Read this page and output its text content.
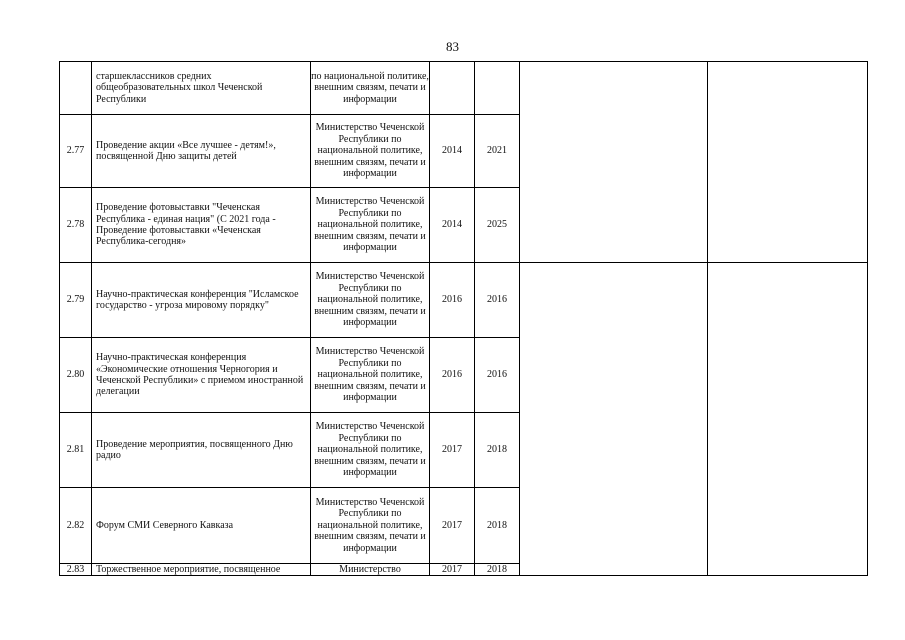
83
	старшеклассников средних общеобразовательных школ Чеченской Республики	по национальной политике, внешним связям, печати и информации				
2.77	Проведение акции «Все лучшее - детям!», посвященной Дню защиты детей	Министерство Чеченской Республики по национальной политике, внешним связям, печати и информации	2014	2021		
2.78	Проведение фотовыставки "Чеченская Республика - единая нация" (С 2021 года - Проведение фотовыставки «Чеченская Республика-сегодня»	Министерство Чеченской Республики по национальной политике, внешним связям, печати и информации	2014	2025		
2.79	Научно-практическая конференция "Исламское государство - угроза мировому порядку"	Министерство Чеченской Республики по национальной политике, внешним связям, печати и информации	2016	2016		
2.80	Научно-практическая конференция «Экономические отношения Черногория и Чеченской Республики» с приемом иностранной делегации	Министерство Чеченской Республики по национальной политике, внешним связям, печати и информации	2016	2016		
2.81	Проведение мероприятия, посвященного Дню радио	Министерство Чеченской Республики по национальной политике, внешним связям, печати и информации	2017	2018		
2.82	Форум СМИ Северного Кавказа	Министерство Чеченской Республики по национальной политике, внешним связям, печати и информации	2017	2018		
2.83	Торжественное мероприятие, посвященное	Министерство	2017	2018		
